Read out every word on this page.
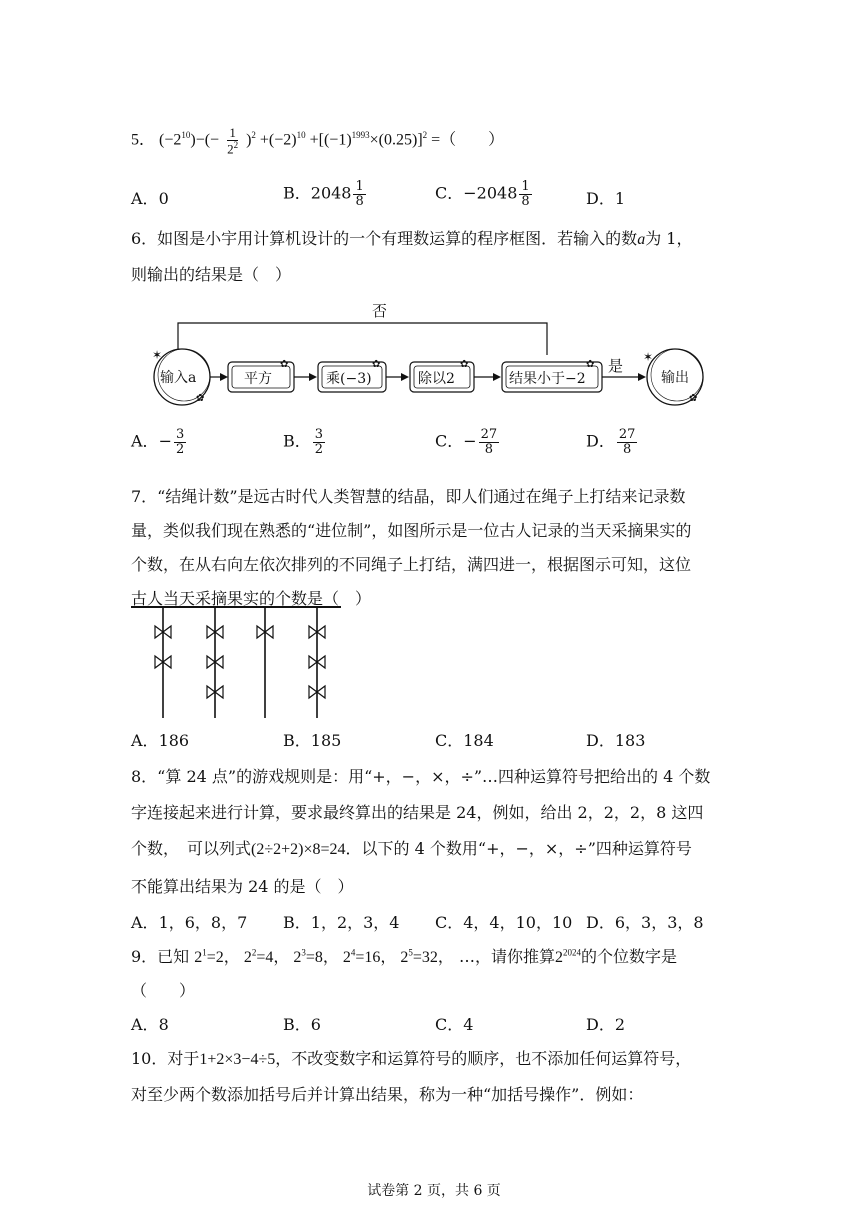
5． $(-2^{10})-(- \frac{1}{2^2} )^2 +(-2)^{10} +[(-1)^{1993}\times(0.25)]^2$ =（　　）
A．0	B．$2048 \frac{1}{8}$	C．$-2048 \frac{1}{8}$	D．1
6．如图是小宇用计算机设计的一个有理数运算的程序框图．若输入的数a为 1，
则输出的结果是（　）
✶
✿
✶
✿
✿	✿	✿	✿
否
是
输入a	平方	乘(−3)	除以2	结果小于−2	输出
A．− $\frac{3}{2}$	B． $\frac{3}{2}$	C．− $\frac{27}{8}$	D． $\frac{27}{8}$
7．“结绳计数”是远古时代人类智慧的结晶，即人们通过在绳子上打结来记录数
量，类似我们现在熟悉的“进位制”，如图所示是一位古人记录的当天采摘果实的
个数，在从右向左依次排列的不同绳子上打结，满四进一，根据图示可知，这位
古人当天采摘果实的个数是（　）
A．186	B．185	C．184	D．183
8．“算 24 点”的游戏规则是：用“+，−，×，÷”…四种运算符号把给出的 4 个数
字连接起来进行计算，要求最终算出的结果是 24，例如，给出 2，2，2，8 这四
个数，　可以列式(2÷2+2)×8=24．以下的 4 个数用“+，−，×，÷”四种运算符号
不能算出结果为 24 的是（　）
A．1，6，8，7 B．1，2，3，4 C．4，4，10，10 D．6，3，3，8
9．已知 $2^1=2$， $2^2=4$， $2^3=8$， $2^4=16$， $2^5=32$， …，请你推算$2^{2024}$的个位数字是
（　　）
A．8	B．6	C．4	D．2
10．对于1+2×3−4÷5，不改变数字和运算符号的顺序，也不添加任何运算符号，
对至少两个数添加括号后并计算出结果，称为一种“加括号操作”．例如：
试卷第 2 页，共 6 页
